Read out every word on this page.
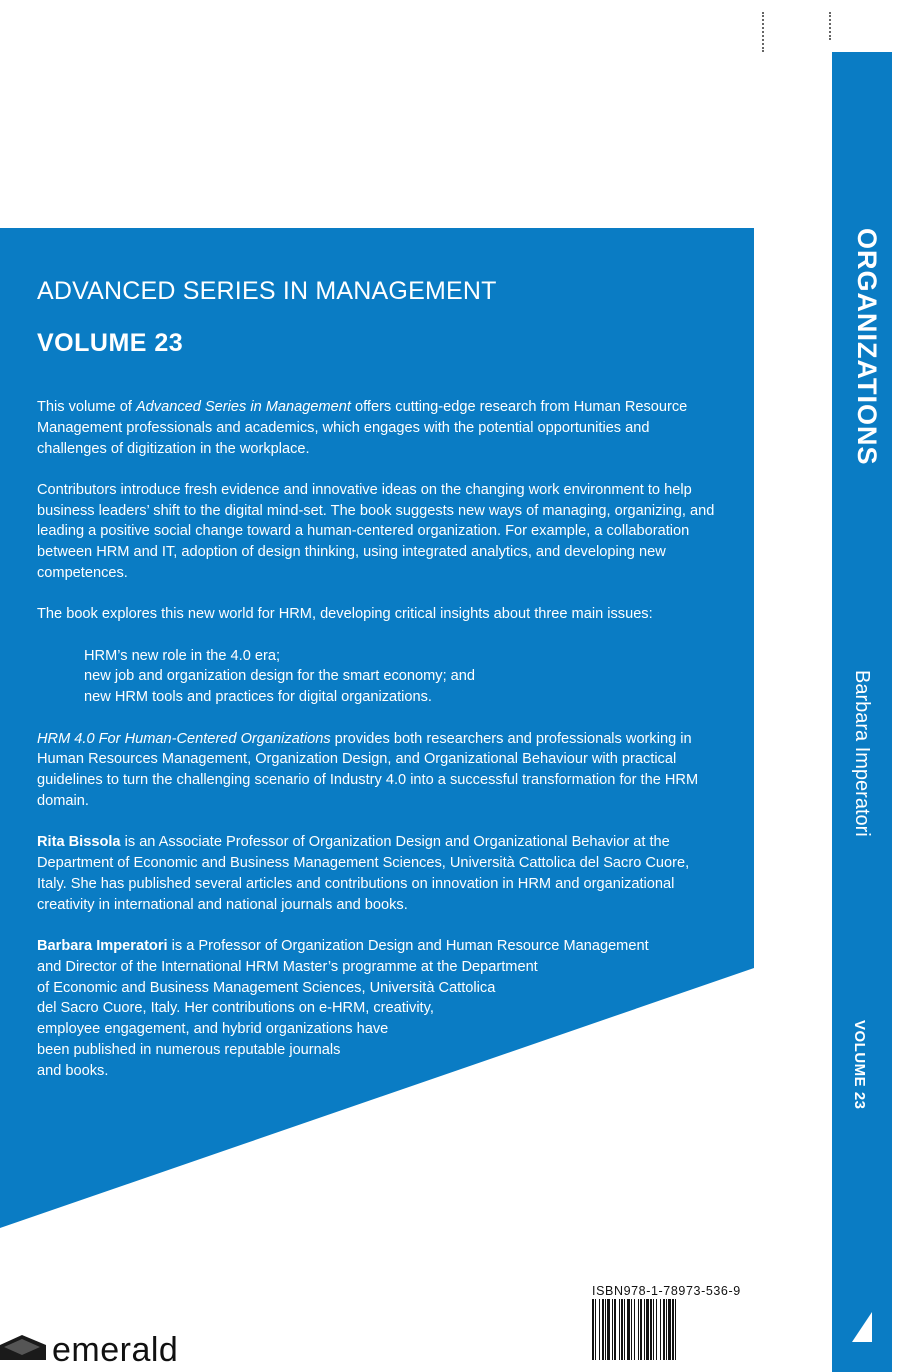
ADVANCED SERIES IN MANAGEMENT
VOLUME 23

This volume of Advanced Series in Management offers cutting-edge research from Human Resource Management professionals and academics, which engages with the potential opportunities and challenges of digitization in the workplace.

Contributors introduce fresh evidence and innovative ideas on the changing work environment to help business leaders’ shift to the digital mind-set. The book suggests new ways of managing, organizing, and leading a positive social change toward a human-centered organization. For example, a collaboration between HRM and IT, adoption of design thinking, using integrated analytics, and developing new competences.

The book explores this new world for HRM, developing critical insights about three main issues:

HRM’s new role in the 4.0 era;
new job and organization design for the smart economy; and
new HRM tools and practices for digital organizations.

HRM 4.0 For Human-Centered Organizations provides both researchers and professionals working in Human Resources Management, Organization Design, and Organizational Behaviour with practical guidelines to turn the challenging scenario of Industry 4.0 into a successful transformation for the HRM domain.

Rita Bissola is an Associate Professor of Organization Design and Organizational Behavior at the Department of Economic and Business Management Sciences, Università Cattolica del Sacro Cuore, Italy. She has published several articles and contributions on innovation in HRM and organizational creativity in international and national journals and books.

Barbara Imperatori is a Professor of Organization Design and Human Resource Management
and Director of the International HRM Master’s programme at the Department
of Economic and Business Management Sciences, Università Cattolica
del Sacro Cuore, Italy. Her contributions on e-HRM, creativity,
employee engagement, and hybrid organizations have
been published in numerous reputable journals
and books.

HRM 4.0 FOR HUMAN-CENTERED
ORGANIZATIONS
Barbara Imperatori
VOLUME 23
ISBN978-1-78973-536-9
emerald
